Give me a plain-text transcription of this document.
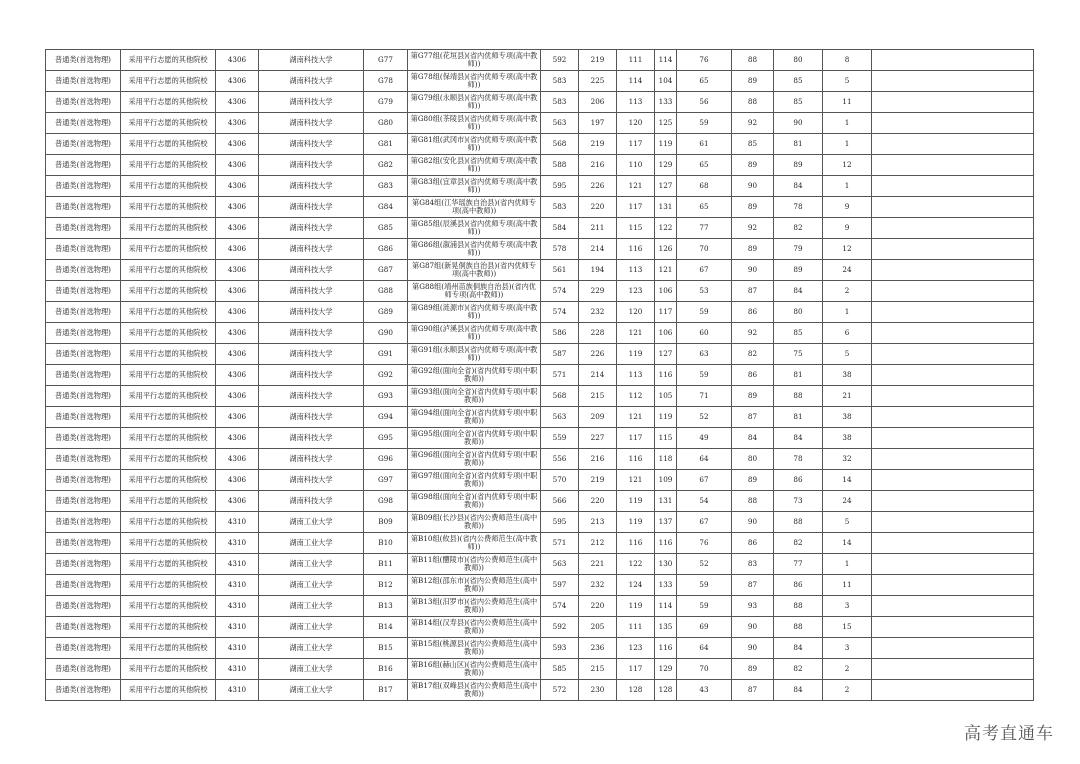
普通类(首选物理)	采用平行志愿的其他院校	4306	湖南科技大学	G77	第G77组(花垣县)(省内优师专项(高中教师))	592	219	111	114	76	88	80	8	
普通类(首选物理)	采用平行志愿的其他院校	4306	湖南科技大学	G78	第G78组(保靖县)(省内优师专项(高中教师))	583	225	114	104	65	89	85	5	
普通类(首选物理)	采用平行志愿的其他院校	4306	湖南科技大学	G79	第G79组(永顺县)(省内优师专项(高中教师))	583	206	113	133	56	88	85	11	
普通类(首选物理)	采用平行志愿的其他院校	4306	湖南科技大学	G80	第G80组(茶陵县)(省内优师专项(高中教师))	563	197	120	125	59	92	90	1	
普通类(首选物理)	采用平行志愿的其他院校	4306	湖南科技大学	G81	第G81组(武冈市)(省内优师专项(高中教师))	568	219	117	119	61	85	81	1	
普通类(首选物理)	采用平行志愿的其他院校	4306	湖南科技大学	G82	第G82组(安化县)(省内优师专项(高中教师))	588	216	110	129	65	89	89	12	
普通类(首选物理)	采用平行志愿的其他院校	4306	湖南科技大学	G83	第G83组(宜章县)(省内优师专项(高中教师))	595	226	121	127	68	90	84	1	
普通类(首选物理)	采用平行志愿的其他院校	4306	湖南科技大学	G84	第G84组(江华瑶族自治县)(省内优师专项(高中教师))	583	220	117	131	65	89	78	9	
普通类(首选物理)	采用平行志愿的其他院校	4306	湖南科技大学	G85	第G85组(辰溪县)(省内优师专项(高中教师))	584	211	115	122	77	92	82	9	
普通类(首选物理)	采用平行志愿的其他院校	4306	湖南科技大学	G86	第G86组(溆浦县)(省内优师专项(高中教师))	578	214	116	126	70	89	79	12	
普通类(首选物理)	采用平行志愿的其他院校	4306	湖南科技大学	G87	第G87组(新晃侗族自治县)(省内优师专项(高中教师))	561	194	113	121	67	90	89	24	
普通类(首选物理)	采用平行志愿的其他院校	4306	湖南科技大学	G88	第G88组(靖州苗族侗族自治县)(省内优师专项(高中教师))	574	229	123	106	53	87	84	2	
普通类(首选物理)	采用平行志愿的其他院校	4306	湖南科技大学	G89	第G89组(涟源市)(省内优师专项(高中教师))	574	232	120	117	59	86	80	1	
普通类(首选物理)	采用平行志愿的其他院校	4306	湖南科技大学	G90	第G90组(泸溪县)(省内优师专项(高中教师))	586	228	121	106	60	92	85	6	
普通类(首选物理)	采用平行志愿的其他院校	4306	湖南科技大学	G91	第G91组(永顺县)(省内优师专项(高中教师))	587	226	119	127	63	82	75	5	
普通类(首选物理)	采用平行志愿的其他院校	4306	湖南科技大学	G92	第G92组(面向全省)(省内优师专项(中职教师))	571	214	113	116	59	86	81	38	
普通类(首选物理)	采用平行志愿的其他院校	4306	湖南科技大学	G93	第G93组(面向全省)(省内优师专项(中职教师))	568	215	112	105	71	89	88	21	
普通类(首选物理)	采用平行志愿的其他院校	4306	湖南科技大学	G94	第G94组(面向全省)(省内优师专项(中职教师))	563	209	121	119	52	87	81	38	
普通类(首选物理)	采用平行志愿的其他院校	4306	湖南科技大学	G95	第G95组(面向全省)(省内优师专项(中职教师))	559	227	117	115	49	84	84	38	
普通类(首选物理)	采用平行志愿的其他院校	4306	湖南科技大学	G96	第G96组(面向全省)(省内优师专项(中职教师))	556	216	116	118	64	80	78	32	
普通类(首选物理)	采用平行志愿的其他院校	4306	湖南科技大学	G97	第G97组(面向全省)(省内优师专项(中职教师))	570	219	121	109	67	89	86	14	
普通类(首选物理)	采用平行志愿的其他院校	4306	湖南科技大学	G98	第G98组(面向全省)(省内优师专项(中职教师))	566	220	119	131	54	88	73	24	
普通类(首选物理)	采用平行志愿的其他院校	4310	湖南工业大学	B09	第B09组(长沙县)(省内公费师范生(高中教师))	595	213	119	137	67	90	88	5	
普通类(首选物理)	采用平行志愿的其他院校	4310	湖南工业大学	B10	第B10组(攸县)(省内公费师范生(高中教师))	571	212	116	116	76	86	82	14	
普通类(首选物理)	采用平行志愿的其他院校	4310	湖南工业大学	B11	第B11组(醴陵市)(省内公费师范生(高中教师))	563	221	122	130	52	83	77	1	
普通类(首选物理)	采用平行志愿的其他院校	4310	湖南工业大学	B12	第B12组(邵东市)(省内公费师范生(高中教师))	597	232	124	133	59	87	86	11	
普通类(首选物理)	采用平行志愿的其他院校	4310	湖南工业大学	B13	第B13组(汨罗市)(省内公费师范生(高中教师))	574	220	119	114	59	93	88	3	
普通类(首选物理)	采用平行志愿的其他院校	4310	湖南工业大学	B14	第B14组(汉寿县)(省内公费师范生(高中教师))	592	205	111	135	69	90	88	15	
普通类(首选物理)	采用平行志愿的其他院校	4310	湖南工业大学	B15	第B15组(桃源县)(省内公费师范生(高中教师))	593	236	123	116	64	90	84	3	
普通类(首选物理)	采用平行志愿的其他院校	4310	湖南工业大学	B16	第B16组(赫山区)(省内公费师范生(高中教师))	585	215	117	129	70	89	82	2	
普通类(首选物理)	采用平行志愿的其他院校	4310	湖南工业大学	B17	第B17组(双峰县)(省内公费师范生(高中教师))	572	230	128	128	43	87	84	2	
高考直通车
